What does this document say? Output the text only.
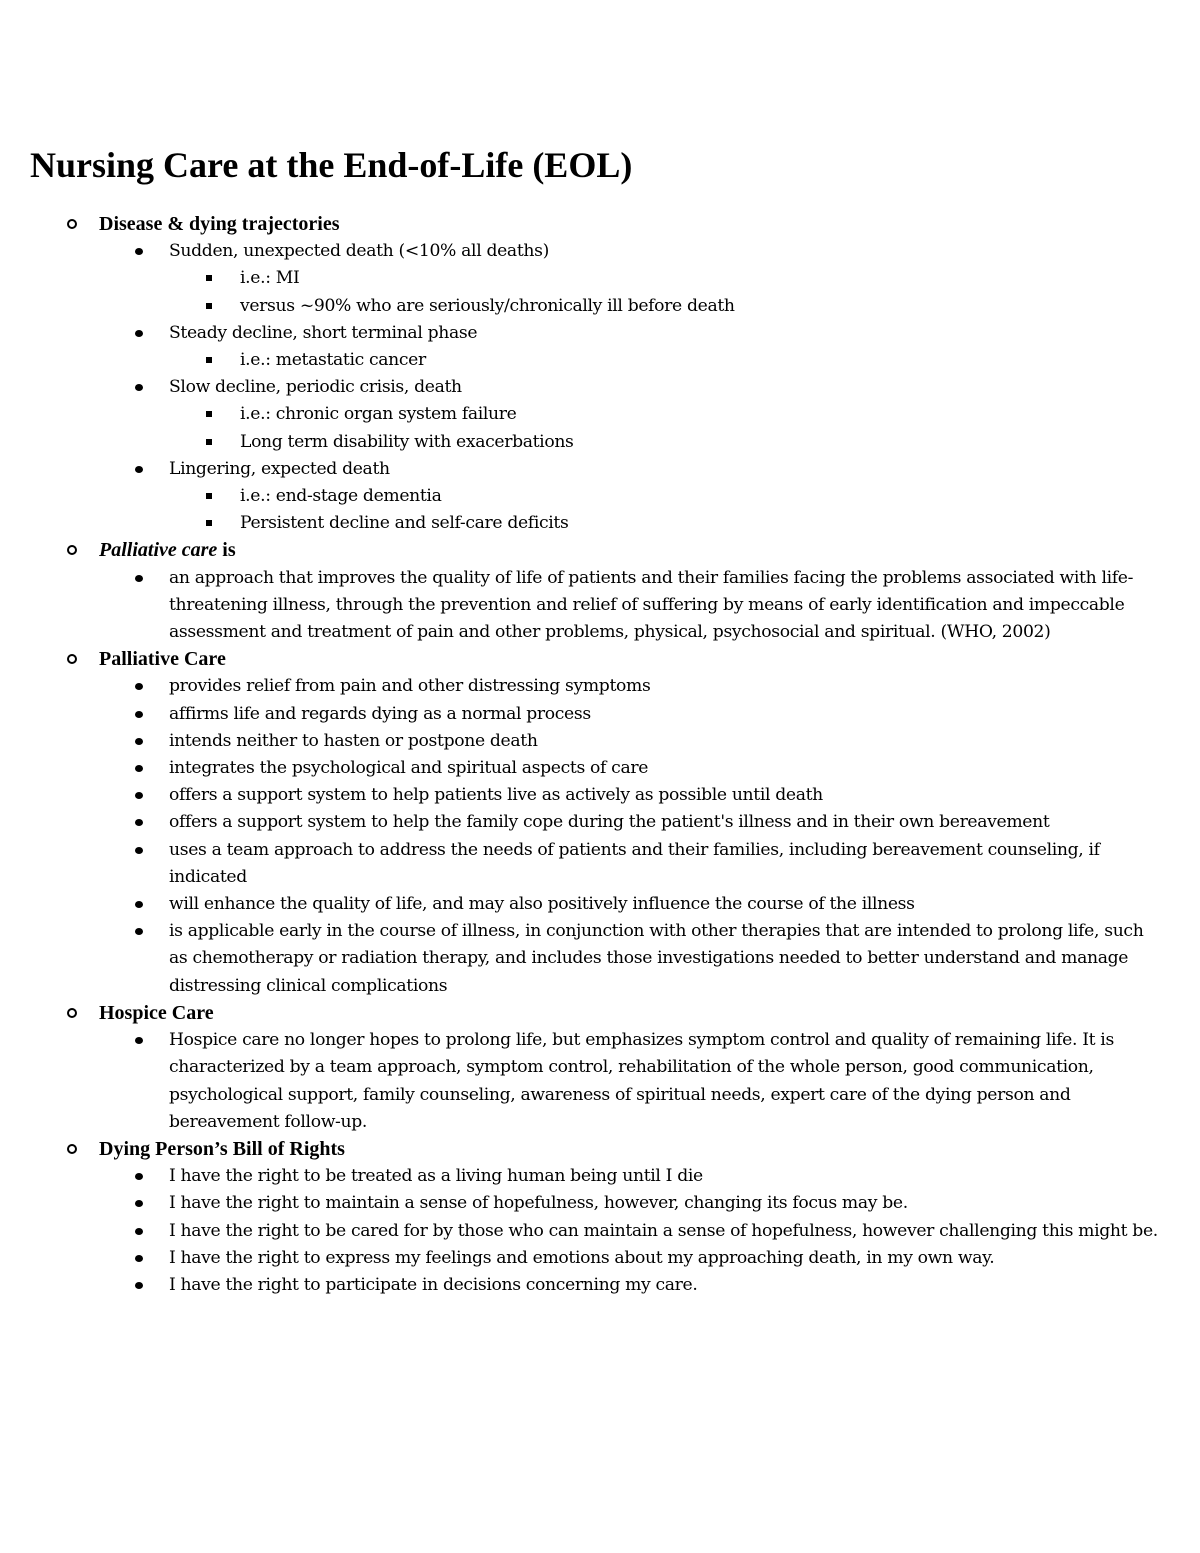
Nursing Care at the End-of-Life (EOL)
Disease & dying trajectories
Sudden, unexpected death (<10% all deaths)
i.e.: MI
versus ~90% who are seriously/chronically ill before death
Steady decline, short terminal phase
i.e.: metastatic cancer
Slow decline, periodic crisis, death
i.e.: chronic organ system failure
Long term disability with exacerbations
Lingering, expected death
i.e.: end-stage dementia
Persistent decline and self-care deficits
Palliative care is
an approach that improves the quality of life of patients and their families facing the problems associated with life-threatening illness, through the prevention and relief of suffering by means of early identification and impeccable assessment and treatment of pain and other problems, physical, psychosocial and spiritual. (WHO, 2002)
Palliative Care
provides relief from pain and other distressing symptoms
affirms life and regards dying as a normal process
intends neither to hasten or postpone death
integrates the psychological and spiritual aspects of care
offers a support system to help patients live as actively as possible until death
offers a support system to help the family cope during the patient's illness and in their own bereavement
uses a team approach to address the needs of patients and their families, including bereavement counseling, if indicated
will enhance the quality of life, and may also positively influence the course of the illness
is applicable early in the course of illness, in conjunction with other therapies that are intended to prolong life, such as chemotherapy or radiation therapy, and includes those investigations needed to better understand and manage distressing clinical complications
Hospice Care
Hospice care no longer hopes to prolong life, but emphasizes symptom control and quality of remaining life. It is characterized by a team approach, symptom control, rehabilitation of the whole person, good communication, psychological support, family counseling, awareness of spiritual needs, expert care of the dying person and bereavement follow-up.
Dying Person’s Bill of Rights
I have the right to be treated as a living human being until I die
I have the right to maintain a sense of hopefulness, however, changing its focus may be.
I have the right to be cared for by those who can maintain a sense of hopefulness, however challenging this might be.
I have the right to express my feelings and emotions about my approaching death, in my own way.
I have the right to participate in decisions concerning my care.
